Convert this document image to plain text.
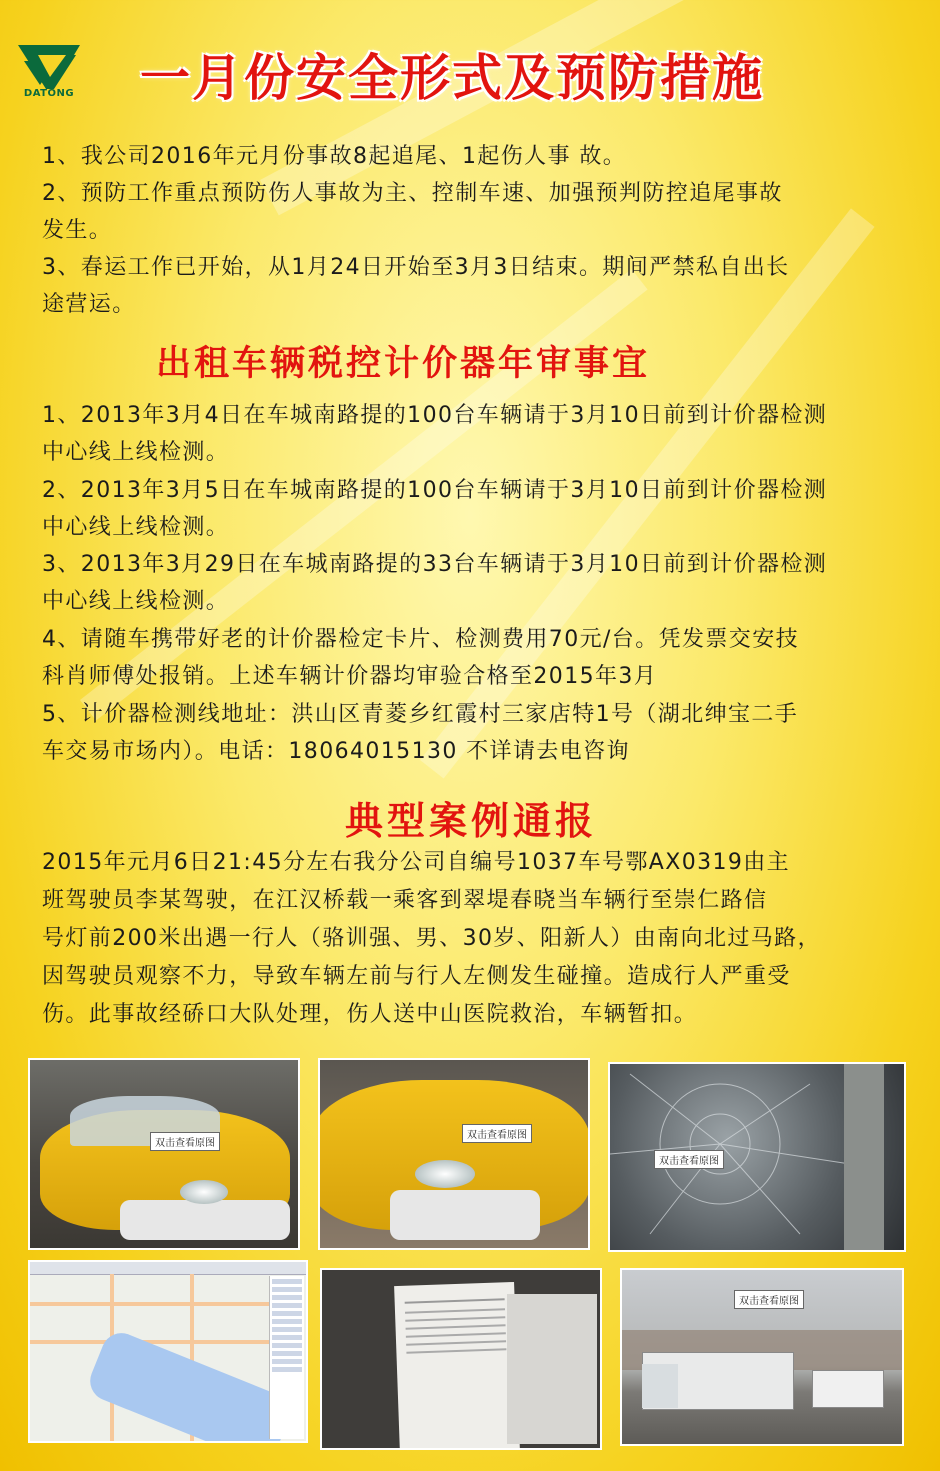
DATONG 一月份安全形式及预防措施
1、我公司2016年元月份事故8起追尾、1起伤人事 故。
2、预防工作重点预防伤人事故为主、控制车速、加强预判防控追尾事故
发生。
3、春运工作已开始，从1月24日开始至3月3日结束。期间严禁私自出长
途营运。
出租车辆税控计价器年审事宜
1、2013年3月4日在车城南路提的100台车辆请于3月10日前到计价器检测
中心线上线检测。
2、2013年3月5日在车城南路提的100台车辆请于3月10日前到计价器检测
中心线上线检测。
3、2013年3月29日在车城南路提的33台车辆请于3月10日前到计价器检测
中心线上线检测。
4、请随车携带好老的计价器检定卡片、检测费用70元/台。凭发票交安技
科肖师傅处报销。上述车辆计价器均审验合格至2015年3月
5、计价器检测线地址：洪山区青菱乡红霞村三家店特1号（湖北绅宝二手
车交易市场内）。电话：18064015130 不详请去电咨询
典型案例通报
2015年元月6日21:45分左右我分公司自编号1037车号鄂AX0319由主
班驾驶员李某驾驶，在江汉桥载一乘客到翠堤春晓当车辆行至崇仁路信
号灯前200米出遇一行人（骆训强、男、30岁、阳新人）由南向北过马路，
因驾驶员观察不力，导致车辆左前与行人左侧发生碰撞。造成行人严重受
伤。此事故经硚口大队处理，伤人送中山医院救治，车辆暂扣。
双击查看原图
双击查看原图
双击查看原图
双击查看原图
